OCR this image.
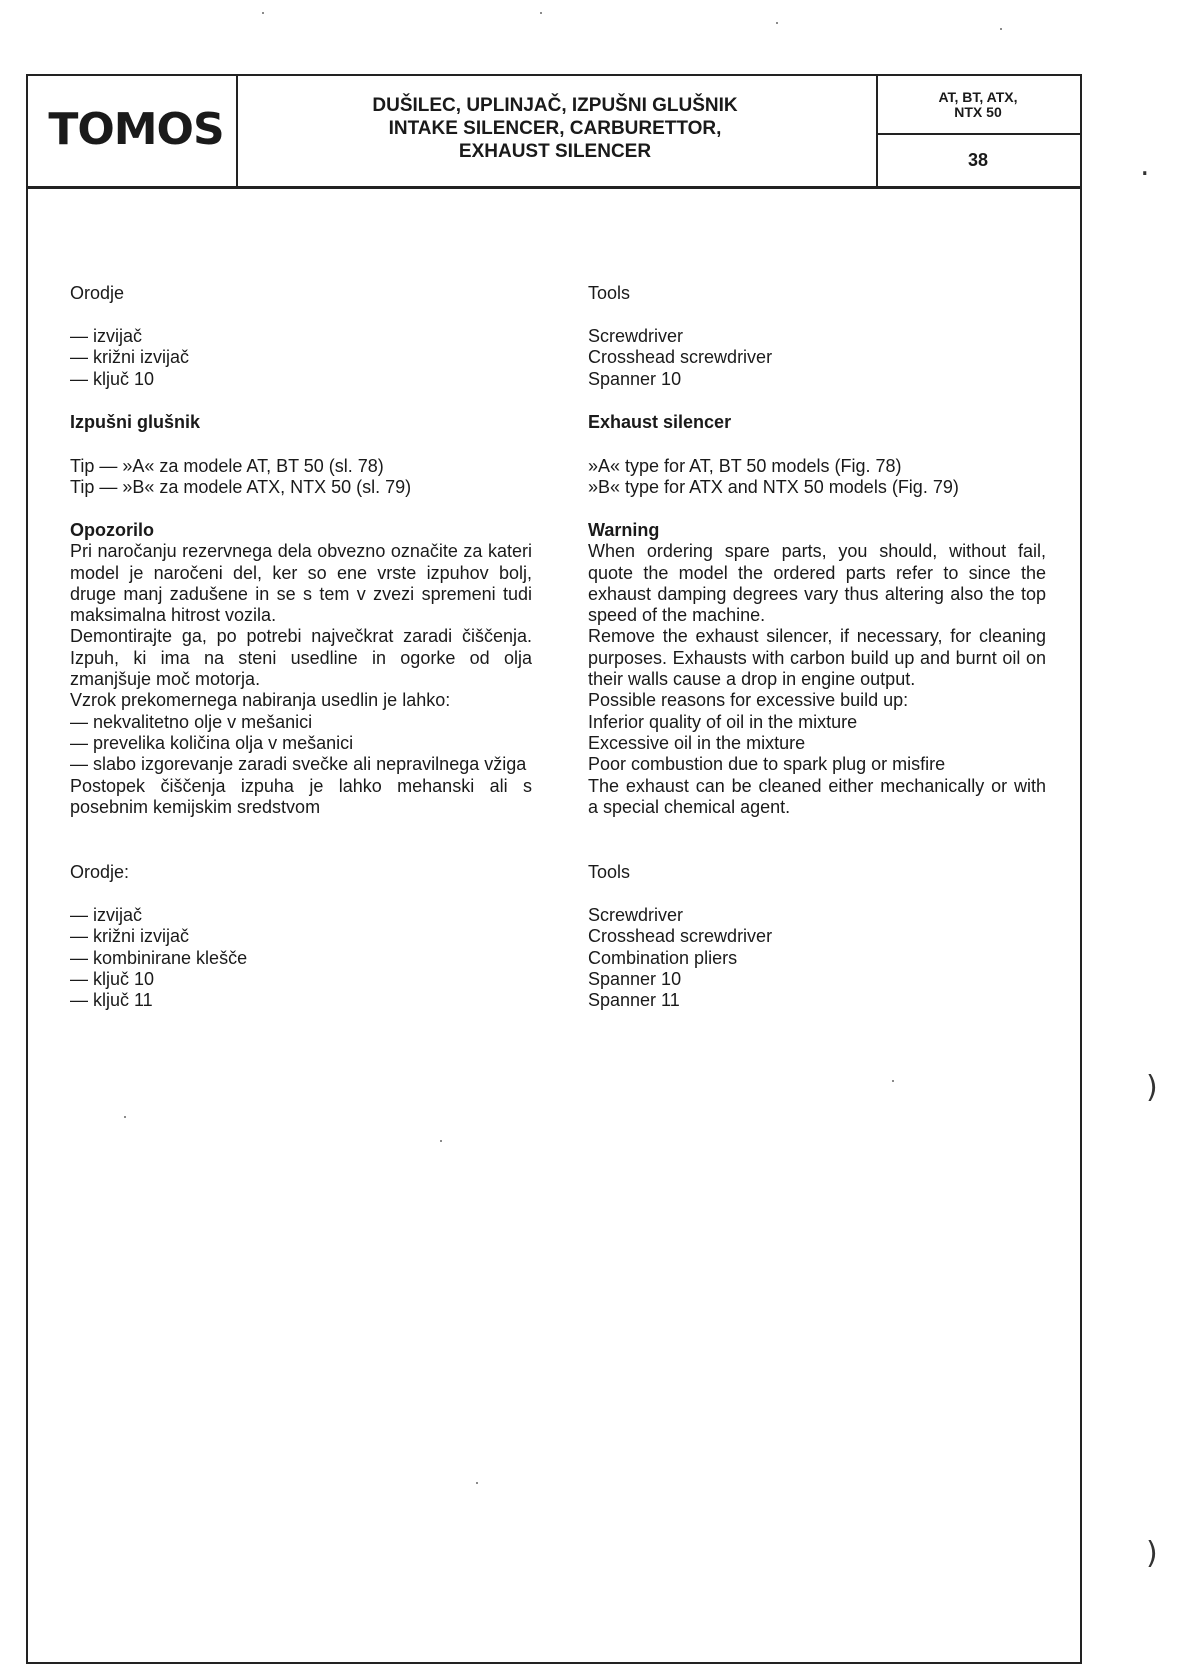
TOMOS	DUŠILEC, UPLINJAČ, IZPUŠNI GLUŠNIK
INTAKE SILENCER, CARBURETTOR,
EXHAUST SILENCER
AT, BT, ATX,
NTX 50
38

Orodje

— izvijač

— križni izvijač

— ključ 10

Izpušni glušnik

Tip — »A« za modele AT, BT 50 (sl. 78)

Tip — »B« za modele ATX, NTX 50 (sl. 79)

Opozorilo

Pri naročanju rezervnega dela obvezno označite za kateri model je naročeni del, ker so ene vrste izpuhov bolj, druge manj zadušene in se s tem v zvezi spremeni tudi maksimalna hitrost vozila.

Demontirajte ga, po potrebi največkrat zaradi čiščenja. Izpuh, ki ima na steni usedline in ogorke od olja zmanjšuje moč motorja.

Vzrok prekomernega nabiranja usedlin je lahko:

— nekvalitetno olje v mešanici

— prevelika količina olja v mešanici

— slabo izgorevanje zaradi svečke ali nepravilnega vžiga

Postopek čiščenja izpuha je lahko mehanski ali s posebnim kemijskim sredstvom

Orodje:

— izvijač

— križni izvijač

— kombinirane klešče

— ključ 10

— ključ 11

Tools

Screwdriver

Crosshead screwdriver

Spanner 10

Exhaust silencer

»A« type for AT, BT 50 models (Fig. 78)

»B« type for ATX and NTX 50 models (Fig. 79)

Warning

When ordering spare parts, you should, without fail, quote the model the ordered parts refer to since the exhaust damping degrees vary thus altering also the top speed of the machine.

Remove the exhaust silencer, if necessary, for cleaning purposes. Exhausts with carbon build up and burnt oil on their walls cause a drop in engine output.

Possible reasons for excessive build up:

Inferior quality of oil in the mixture

Excessive oil in the mixture

Poor combustion due to spark plug or misfire

The exhaust can be cleaned either mechanically or with a special chemical agent.

Tools

Screwdriver

Crosshead screwdriver

Combination pliers

Spanner 10

Spanner 11

.
)
)
